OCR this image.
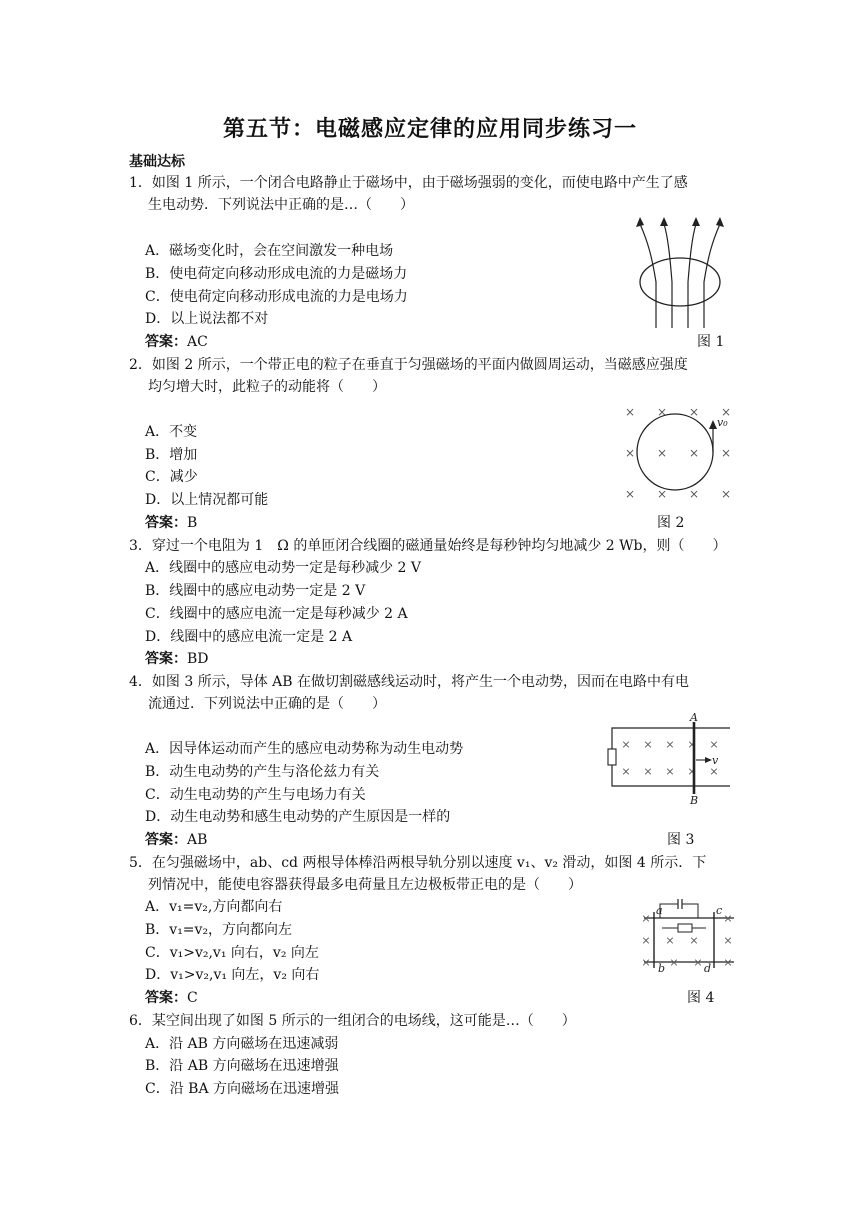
第五节：电磁感应定律的应用同步练习一
基础达标
1．如图 1 所示，一个闭合电路静止于磁场中，由于磁场强弱的变化，而使电路中产生了感
生电动势．下列说法中正确的是…（　　）
A．磁场变化时，会在空间激发一种电场
B．使电荷定向移动形成电流的力是磁场力
C．使电荷定向移动形成电流的力是电场力
D．以上说法都不对
答案：AC	图 1
2．如图 2 所示，一个带正电的粒子在垂直于匀强磁场的平面内做圆周运动，当磁感应强度
均匀增大时，此粒子的动能将（　　）
A．不变
B．增加
C．减少
D．以上情况都可能
答案：B
× × × ×
× × × ×
× × × ×
v₀
图 2
3．穿过一个电阻为 1　Ω 的单匝闭合线圈的磁通量始终是每秒钟均匀地减少 2 Wb，则（　　）
A．线圈中的感应电动势一定是每秒减少 2 V
B．线圈中的感应电动势一定是 2 V
C．线圈中的感应电流一定是每秒减少 2 A
D．线圈中的感应电流一定是 2 A
答案：BD
4．如图 3 所示，导体 AB 在做切割磁感线运动时，将产生一个电动势，因而在电路中有电
流通过．下列说法中正确的是（　　）
A．因导体运动而产生的感应电动势称为动生电动势
B．动生电动势的产生与洛伦兹力有关
C．动生电动势的产生与电场力有关
D．动生电动势和感生电动势的产生原因是一样的
答案：AB
× × × × ×
× × × × ×
A
B
v
图 3
5．在匀强磁场中，ab、cd 两根导体棒沿两根导轨分别以速度 v₁、v₂ 滑动，如图 4 所示．下
列情况中，能使电容器获得最多电荷量且左边极板带正电的是（　　）
A．v₁=v₂,方向都向右
B．v₁=v₂，方向都向左
C．v₁>v₂,v₁ 向右，v₂ 向左
D．v₁>v₂,v₁ 向左，v₂ 向右
答案：C
×	×
× × × ×
× × × ×
a	c
b	d
图 4
6．某空间出现了如图 5 所示的一组闭合的电场线，这可能是…（　　）
A．沿 AB 方向磁场在迅速减弱
B．沿 AB 方向磁场在迅速增强
C．沿 BA 方向磁场在迅速增强
